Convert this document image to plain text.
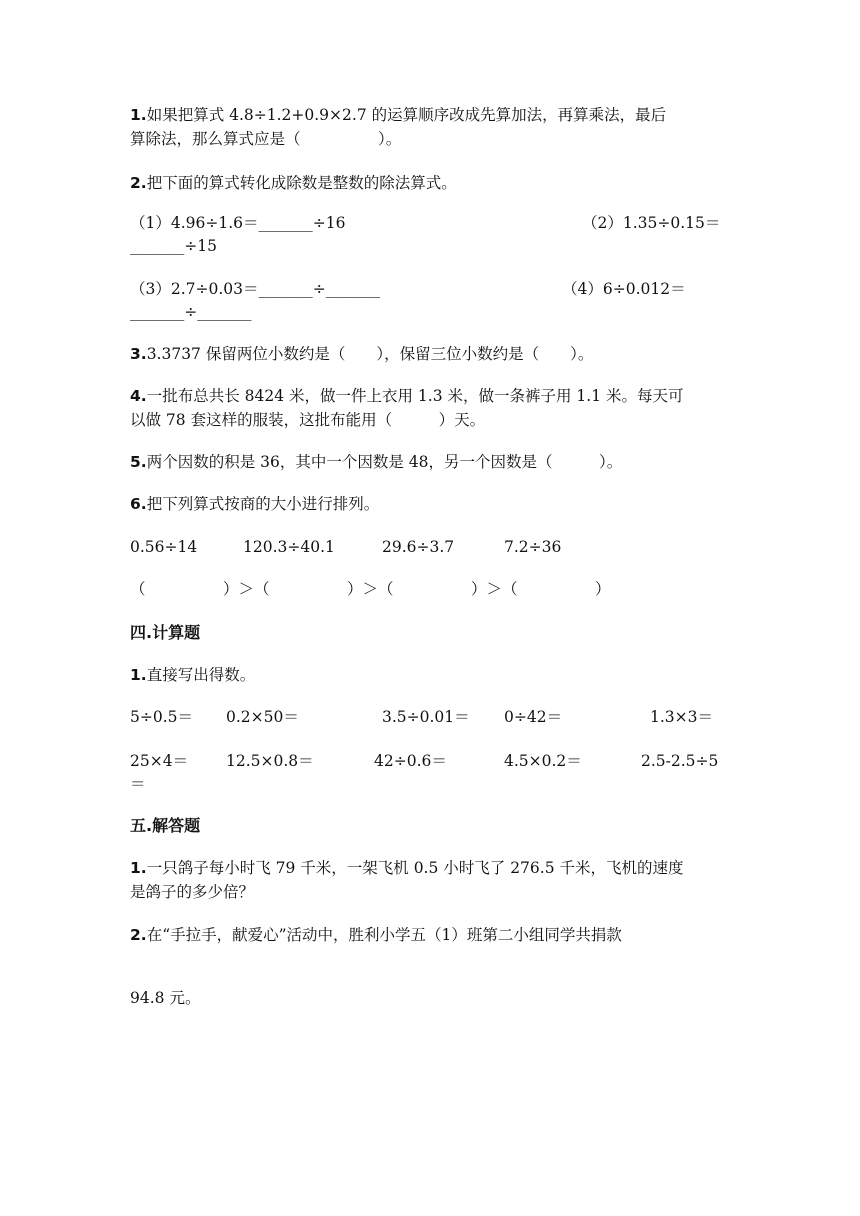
1.如果把算式 4.8÷1.2+0.9×2.7 的运算顺序改成先算加法，再算乘法，最后
算除法，那么算式应是（　　　　　）。
2.把下面的算式转化成除数是整数的除法算式。
（1）4.96÷1.6＝_______÷16	（2）1.35÷0.15＝
_______÷15
（3）2.7÷0.03＝_______÷_______	（4）6÷0.012＝
_______÷_______
3.3.3737 保留两位小数约是（　　），保留三位小数约是（　　）。
4.一批布总共长 8424 米，做一件上衣用 1.3 米，做一条裤子用 1.1 米。每天可
以做 78 套这样的服装，这批布能用（　　　）天。
5.两个因数的积是 36，其中一个因数是 48，另一个因数是（　　　）。
6.把下列算式按商的大小进行排列。
0.56÷14	120.3÷40.1	29.6÷3.7	7.2÷36
（　　　　　）＞（　　　　　）＞（　　　　　）＞（　　　　　）
四.计算题
1.直接写出得数。
5÷0.5＝ 0.2×50＝	3.5÷0.01＝ 0÷42＝	1.3×3＝
25×4＝ 12.5×0.8＝	42÷0.6＝	4.5×0.2＝	2.5-2.5÷5
＝
五.解答题
1.一只鸽子每小时飞 79 千米，一架飞机 0.5 小时飞了 276.5 千米，飞机的速度
是鸽子的多少倍？
2.在“手拉手，献爱心”活动中，胜利小学五（1）班第二小组同学共捐款
94.8 元。
